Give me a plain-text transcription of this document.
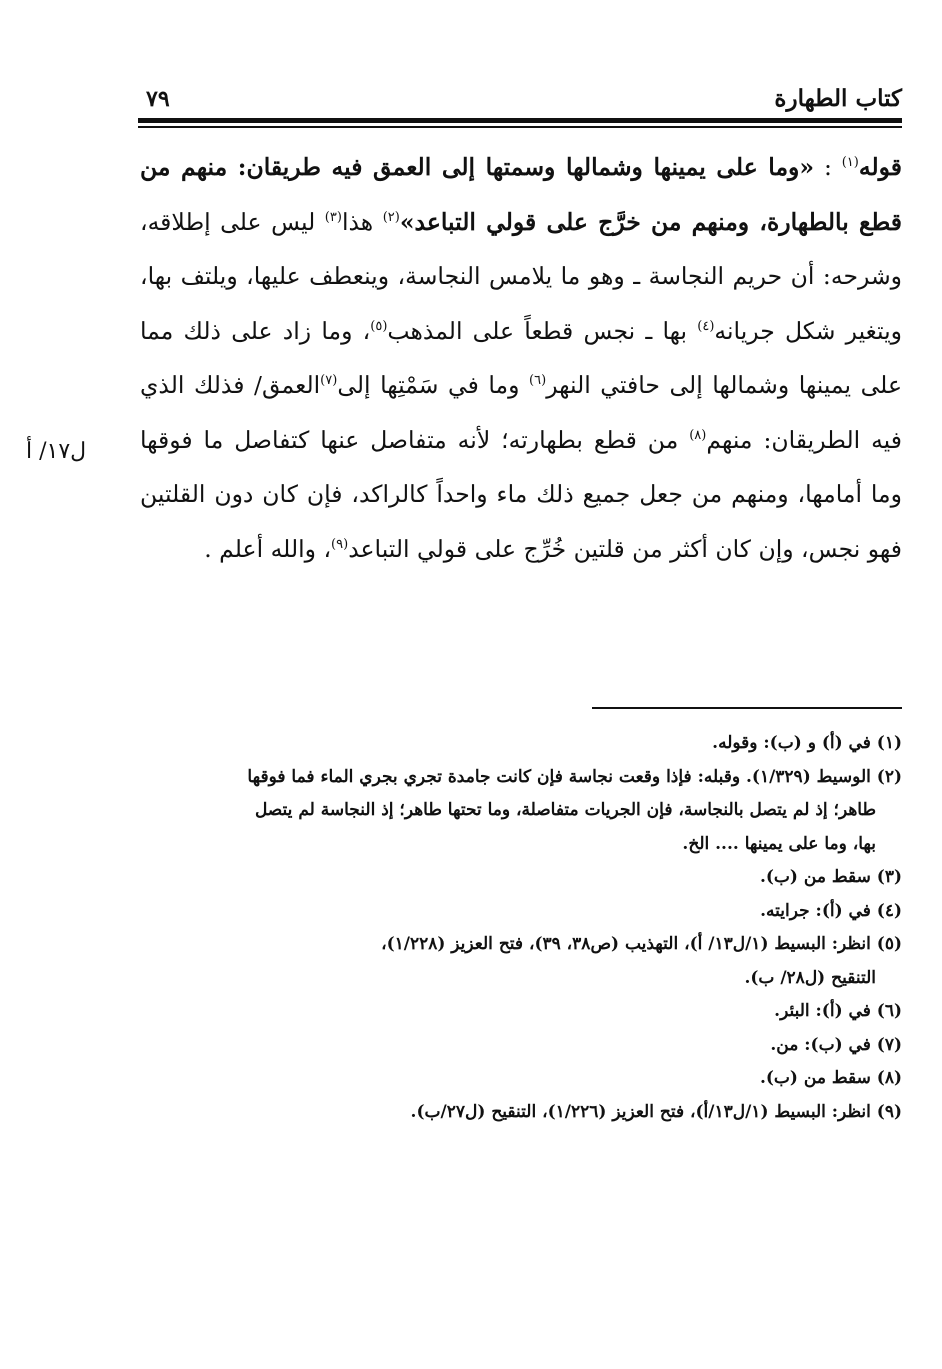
كتاب الطهارة
٧٩
قوله$^{(١)}$ : «وما على يمينها وشمالها وسمتها إلى العمق فيه طريقان: منهم من قطع بالطهارة، ومنهم من خرَّج على قولي التباعد»$^{(٢)}$ هذا$^{(٣)}$ ليس على إطلاقه، وشرحه: أن حريم النجاسة ـ وهو ما يلامس النجاسة، وينعطف عليها، ويلتف بها، ويتغير شكل جريانه$^{(٤)}$ بها ـ نجس قطعاً على المذهب$^{(٥)}$، وما زاد على ذلك مما على يمينها وشمالها إلى حافتي النهر$^{(٦)}$ وما في سَمْتِها إلى$^{(٧)}$العمق/ فذلك الذي فيه الطريقان: منهم$^{(٨)}$ من قطع بطهارته؛ لأنه متفاصل عنها كتفاصل ما فوقها وما أمامها، ومنهم من جعل جميع ذلك ماء واحداً كالراكد، فإن كان دون القلتين فهو نجس، وإن كان أكثر من قلتين خُرِّج على قولي التباعد$^{(٩)}$، والله أعلم .
ل١٧/ أ

(١) في (أ) و (ب): وقوله.

(٢) الوسيط (١/٣٢٩). وقبله: فإذا وقعت نجاسة فإن كانت جامدة تجري بجري الماء فما فوقها

طاهر؛ إذ لم يتصل بالنجاسة، فإن الجريات متفاصلة، وما تحتها طاهر؛ إذ النجاسة لم يتصل

بها، وما على يمينها .... الخ.

(٣) سقط من (ب).

(٤) في (أ): جرايته.

(٥) انظر: البسيط (١/ل١٣/ أ)، التهذيب (ص٣٨، ٣٩)، فتح العزيز (١/٢٢٨)،

التنقيح (ل٢٨/ ب).

(٦) في (أ): البئر.

(٧) في (ب): من.

(٨) سقط من (ب).

(٩) انظر: البسيط (١/ل١٣/أ)، فتح العزيز (١/٢٢٦)، التنقيح (ل٢٧/ب).
